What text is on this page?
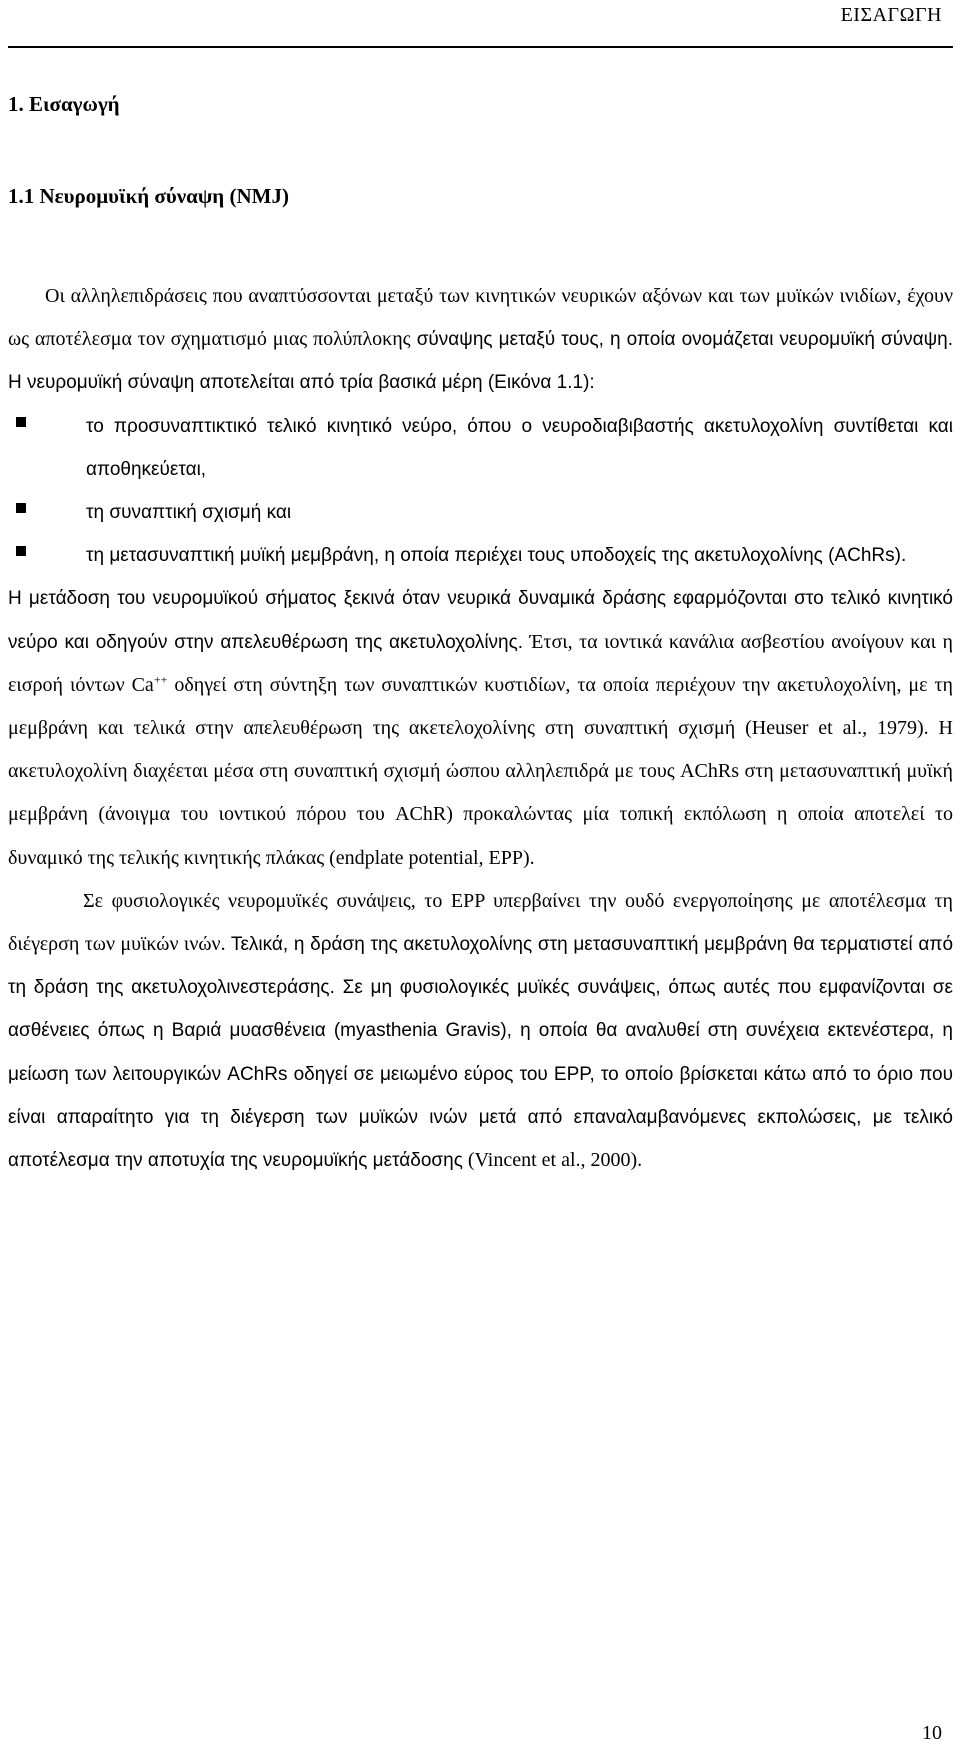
ΕΙΣΑΓΩΓΗ
1. Εισαγωγή
1.1 Νευρομυϊκή σύναψη (NMJ)

Οι αλληλεπιδράσεις που αναπτύσσονται μεταξύ των κινητικών νευρικών αξόνων και των μυϊκών ινιδίων, έχουν ως αποτέλεσμα τον σχηματισμό μιας πολύπλοκης σύναψης μεταξύ τους, η οποία ονομάζεται νευρομυϊκή σύναψη. Η νευρομυϊκή σύναψη αποτελείται από τρία βασικά μέρη (Εικόνα 1.1):

το προσυναπτικτικό τελικό κινητικό νεύρο, όπου ο νευροδιαβιβαστής ακετυλοχολίνη συντίθεται και αποθηκεύεται,
τη συναπτική σχισμή και
τη μετασυναπτική μυϊκή μεμβράνη, η οποία περιέχει τους υποδοχείς της ακετυλοχολίνης (AChRs).

Η μετάδοση του νευρομυϊκού σήματος ξεκινά όταν νευρικά δυναμικά δράσης εφαρμόζονται στο τελικό κινητικό νεύρο και οδηγούν στην απελευθέρωση της ακετυλοχολίνης. Έτσι, τα ιοντικά κανάλια ασβεστίου ανοίγουν και η εισροή ιόντων Ca++ οδηγεί στη σύντηξη των συναπτικών κυστιδίων, τα οποία περιέχουν την ακετυλοχολίνη, με τη μεμβράνη και τελικά στην απελευθέρωση της ακετελοχολίνης στη συναπτική σχισμή (Heuser et al., 1979). Η ακετυλοχολίνη διαχέεται μέσα στη συναπτική σχισμή ώσπου αλληλεπιδρά με τους AChRs στη μετασυναπτική μυϊκή μεμβράνη (άνοιγμα του ιοντικού πόρου του AChR) προκαλώντας μία τοπική εκπόλωση η οποία αποτελεί το δυναμικό της τελικής κινητικής πλάκας (endplate potential, EPP).

Σε φυσιολογικές νευρομυϊκές συνάψεις, το EPP υπερβαίνει την ουδό ενεργοποίησης με αποτέλεσμα τη διέγερση των μυϊκών ινών. Τελικά, η δράση της ακετυλοχολίνης στη μετασυναπτική μεμβράνη θα τερματιστεί από τη δράση της ακετυλοχολινεστεράσης. Σε μη φυσιολογικές μυϊκές συνάψεις, όπως αυτές που εμφανίζονται σε ασθένειες όπως η Βαριά μυασθένεια (myasthenia Gravis), η οποία θα αναλυθεί στη συνέχεια εκτενέστερα, η μείωση των λειτουργικών AChRs οδηγεί σε μειωμένο εύρος του EPP, το οποίο βρίσκεται κάτω από το όριο που είναι απαραίτητο για τη διέγερση των μυϊκών ινών μετά από επαναλαμβανόμενες εκπολώσεις, με τελικό αποτέλεσμα την αποτυχία της νευρομυϊκής μετάδοσης (Vincent et al., 2000).

10
